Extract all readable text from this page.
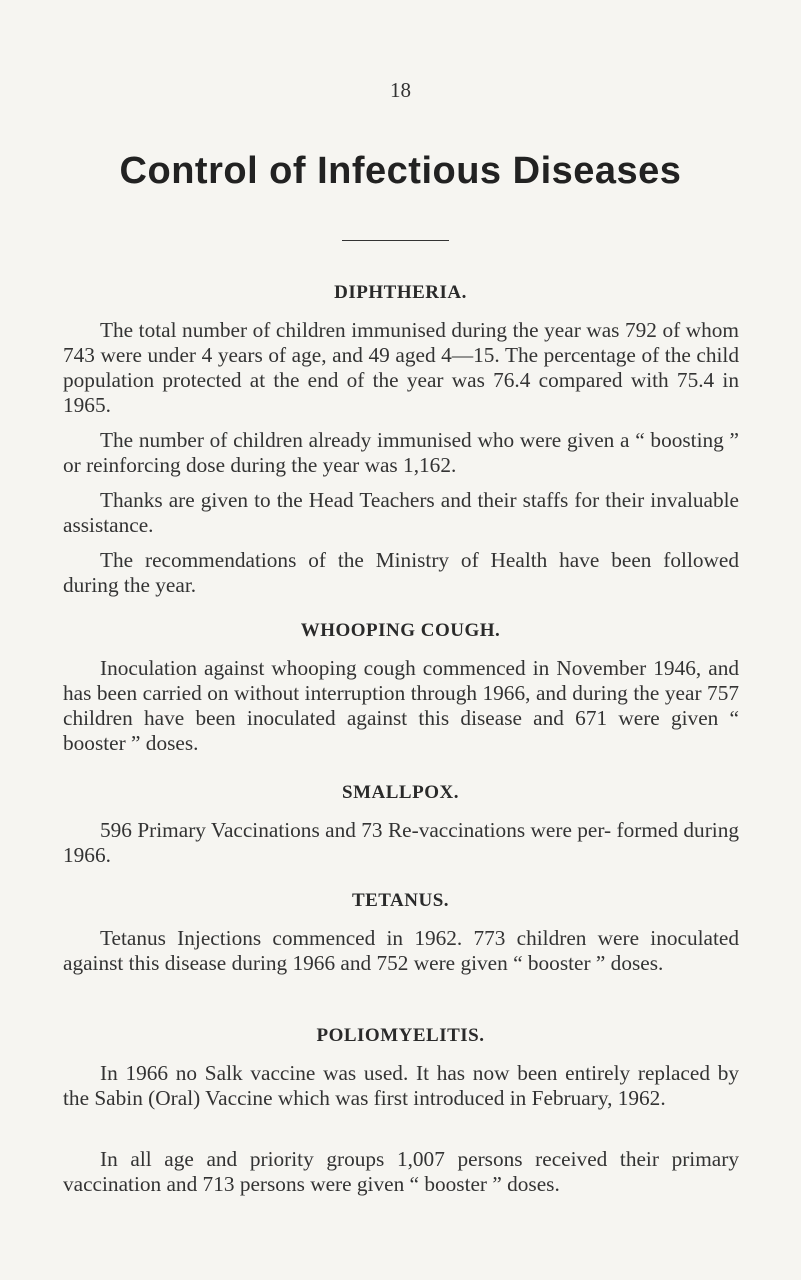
18
Control of Infectious Diseases
DIPHTHERIA.
The total number of children immunised during the year was 792 of whom 743 were under 4 years of age, and 49 aged 4—15. The percentage of the child population protected at the end of the year was 76.4 compared with 75.4 in 1965.
The number of children already immunised who were given a “ boosting ” or reinforcing dose during the year was 1,162.
Thanks are given to the Head Teachers and their staffs for their invaluable assistance.
The recommendations of the Ministry of Health have been followed during the year.
WHOOPING COUGH.
Inoculation against whooping cough commenced in November 1946, and has been carried on without interruption through 1966, and during the year 757 children have been inoculated against this disease and 671 were given “ booster ” doses.
SMALLPOX.
596 Primary Vaccinations and 73 Re-vaccinations were per- formed during 1966.
TETANUS.
Tetanus Injections commenced in 1962. 773 children were inoculated against this disease during 1966 and 752 were given “ booster ” doses.
POLIOMYELITIS.
In 1966 no Salk vaccine was used. It has now been entirely replaced by the Sabin (Oral) Vaccine which was first introduced in February, 1962.
In all age and priority groups 1,007 persons received their primary vaccination and 713 persons were given “ booster ” doses.
